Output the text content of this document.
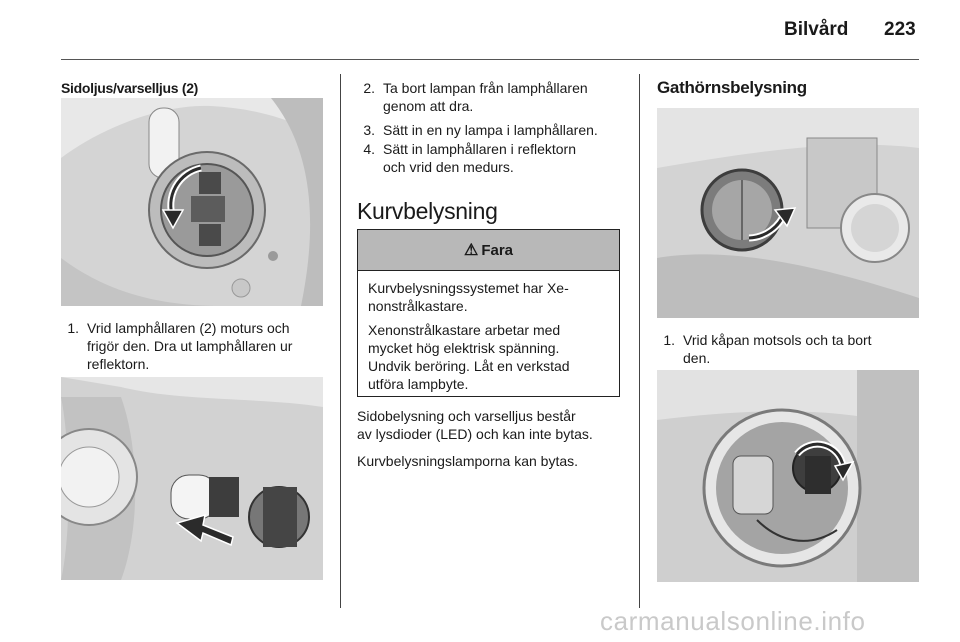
Bilvård 223
Sidoljus/varselljus (2)
1. Vrid lamphållaren (2) moturs och
frigör den. Dra ut lamphållaren ur
reflektorn.
2. Ta bort lampan från lamphållaren
genom att dra.
3. Sätt in en ny lampa i lamphållaren.
4. Sätt in lamphållaren i reflektorn
och vrid den medurs.
Kurvbelysning
⚠ Fara

Kurvbelysningssystemet har Xe-
nonstrålkastare.

Xenonstrålkastare arbetar med
mycket hög elektrisk spänning.
Undvik beröring. Låt en verkstad
utföra lampbyte.

Sidobelysning och varselljus består
av lysdioder (LED) och kan inte bytas.
Kurvbelysningslamporna kan bytas.
Gathörnsbelysning
1. Vrid kåpan motsols och ta bort
den.
carmanualsonline.info
